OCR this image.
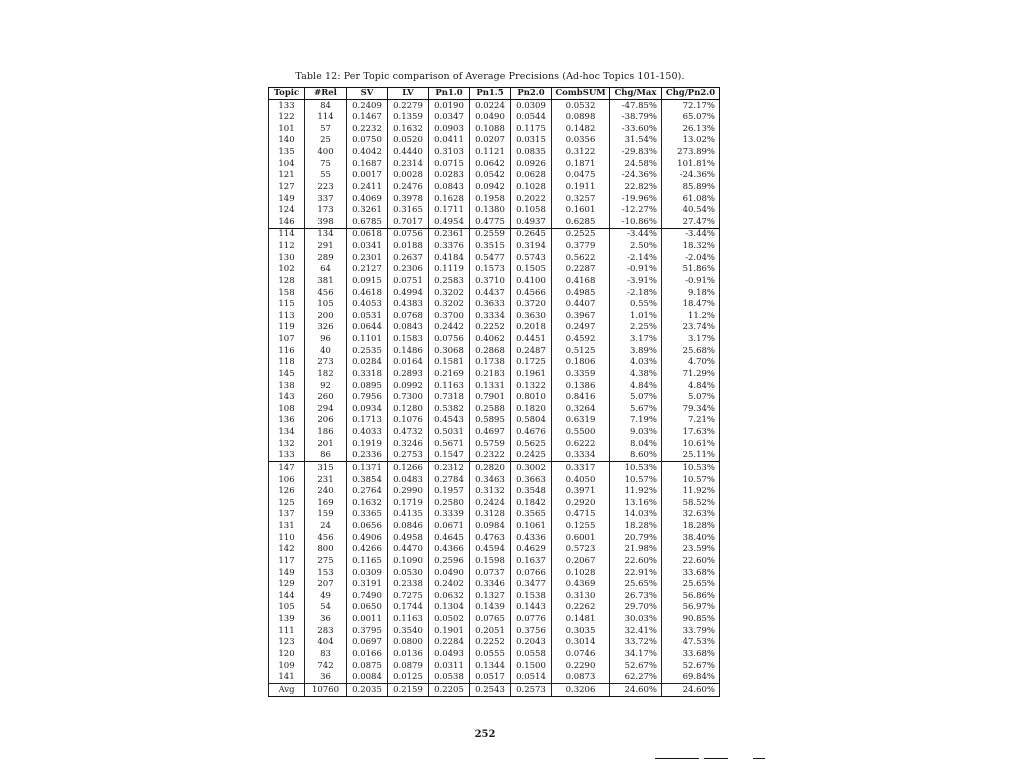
Table 12: Per Topic comparison of Average Precisions (Ad-hoc Topics 101-150).
Topic	#Rel	SV	LV	Pn1.0	Pn1.5	Pn2.0	CombSUM	Chg/Max	Chg/Pn2.0
133	84	0.2409	0.2279	0.0190	0.0224	0.0309	0.0532	-47.85%	72.17%
122	114	0.1467	0.1359	0.0347	0.0490	0.0544	0.0898	-38.79%	65.07%
101	57	0.2232	0.1632	0.0903	0.1088	0.1175	0.1482	-33.60%	26.13%
140	25	0.0750	0.0520	0.0411	0.0207	0.0315	0.0356	31.54%	13.02%
135	400	0.4042	0.4440	0.3103	0.1121	0.0835	0.3122	-29.83%	273.89%
104	75	0.1687	0.2314	0.0715	0.0642	0.0926	0.1871	24.58%	101.81%
121	55	0.0017	0.0028	0.0283	0.0542	0.0628	0.0475	-24.36%	-24.36%
127	223	0.2411	0.2476	0.0843	0.0942	0.1028	0.1911	22.82%	85.89%
149	337	0.4069	0.3978	0.1628	0.1958	0.2022	0.3257	-19.96%	61.08%
124	173	0.3261	0.3165	0.1711	0.1380	0.1058	0.1601	-12.27%	40.54%
146	398	0.6785	0.7017	0.4954	0.4775	0.4937	0.6285	-10.86%	27.47%
114	134	0.0618	0.0756	0.2361	0.2559	0.2645	0.2525	-3.44%	-3.44%
112	291	0.0341	0.0188	0.3376	0.3515	0.3194	0.3779	2.50%	18.32%
130	289	0.2301	0.2637	0.4184	0.5477	0.5743	0.5622	-2.14%	-2.04%
102	64	0.2127	0.2306	0.1119	0.1573	0.1505	0.2287	-0.91%	51.86%
128	381	0.0915	0.0751	0.2583	0.3710	0.4100	0.4168	-3.91%	-0.91%
158	456	0.4618	0.4994	0.3202	0.4437	0.4566	0.4985	-2.18%	9.18%
115	105	0.4053	0.4383	0.3202	0.3633	0.3720	0.4407	0.55%	18.47%
113	200	0.0531	0.0768	0.3700	0.3334	0.3630	0.3967	1.01%	11.2%
119	326	0.0644	0.0843	0.2442	0.2252	0.2018	0.2497	2.25%	23.74%
107	96	0.1101	0.1583	0.0756	0.4062	0.4451	0.4592	3.17%	3.17%
116	40	0.2535	0.1486	0.3068	0.2868	0.2487	0.5125	3.89%	25.68%
118	273	0.0284	0.0164	0.1581	0.1738	0.1725	0.1806	4.03%	4.70%
145	182	0.3318	0.2893	0.2169	0.2183	0.1961	0.3359	4.38%	71.29%
138	92	0.0895	0.0992	0.1163	0.1331	0.1322	0.1386	4.84%	4.84%
143	260	0.7956	0.7300	0.7318	0.7901	0.8010	0.8416	5.07%	5.07%
108	294	0.0934	0.1280	0.5382	0.2588	0.1820	0.3264	5.67%	79.34%
136	206	0.1713	0.1076	0.4543	0.5895	0.5804	0.6319	7.19%	7.21%
134	186	0.4033	0.4732	0.5031	0.4697	0.4676	0.5500	9.03%	17.63%
132	201	0.1919	0.3246	0.5671	0.5759	0.5625	0.6222	8.04%	10.61%
133	86	0.2336	0.2753	0.1547	0.2322	0.2425	0.3334	8.60%	25.11%
147	315	0.1371	0.1266	0.2312	0.2820	0.3002	0.3317	10.53%	10.53%
106	231	0.3854	0.0483	0.2784	0.3463	0.3663	0.4050	10.57%	10.57%
126	240	0.2764	0.2990	0.1957	0.3132	0.3548	0.3971	11.92%	11.92%
125	169	0.1632	0.1719	0.2580	0.2424	0.1842	0.2920	13.16%	58.52%
137	159	0.3365	0.4135	0.3339	0.3128	0.3565	0.4715	14.03%	32.63%
131	24	0.0656	0.0846	0.0671	0.0984	0.1061	0.1255	18.28%	18.28%
110	456	0.4906	0.4958	0.4645	0.4763	0.4336	0.6001	20.79%	38.40%
142	800	0.4266	0.4470	0.4366	0.4594	0.4629	0.5723	21.98%	23.59%
117	275	0.1165	0.1090	0.2596	0.1598	0.1637	0.2067	22.60%	22.60%
149	153	0.0309	0.0530	0.0490	0.0737	0.0766	0.1028	22.91%	33.68%
129	207	0.3191	0.2338	0.2402	0.3346	0.3477	0.4369	25.65%	25.65%
144	49	0.7490	0.7275	0.0632	0.1327	0.1538	0.3130	26.73%	56.86%
105	54	0.0650	0.1744	0.1304	0.1439	0.1443	0.2262	29.70%	56.97%
139	36	0.0011	0.1163	0.0502	0.0765	0.0776	0.1481	30.03%	90.85%
111	283	0.3795	0.3540	0.1901	0.2051	0.3756	0.3035	32.41%	33.79%
123	404	0.0697	0.0800	0.2284	0.2252	0.2043	0.3014	33.72%	47.53%
120	83	0.0166	0.0136	0.0493	0.0555	0.0558	0.0746	34.17%	33.68%
109	742	0.0875	0.0879	0.0311	0.1344	0.1500	0.2290	52.67%	52.67%
141	36	0.0084	0.0125	0.0538	0.0517	0.0514	0.0873	62.27%	69.84%
Avg	10760	0.2035	0.2159	0.2205	0.2543	0.2573	0.3206	24.60%	24.60%
252
